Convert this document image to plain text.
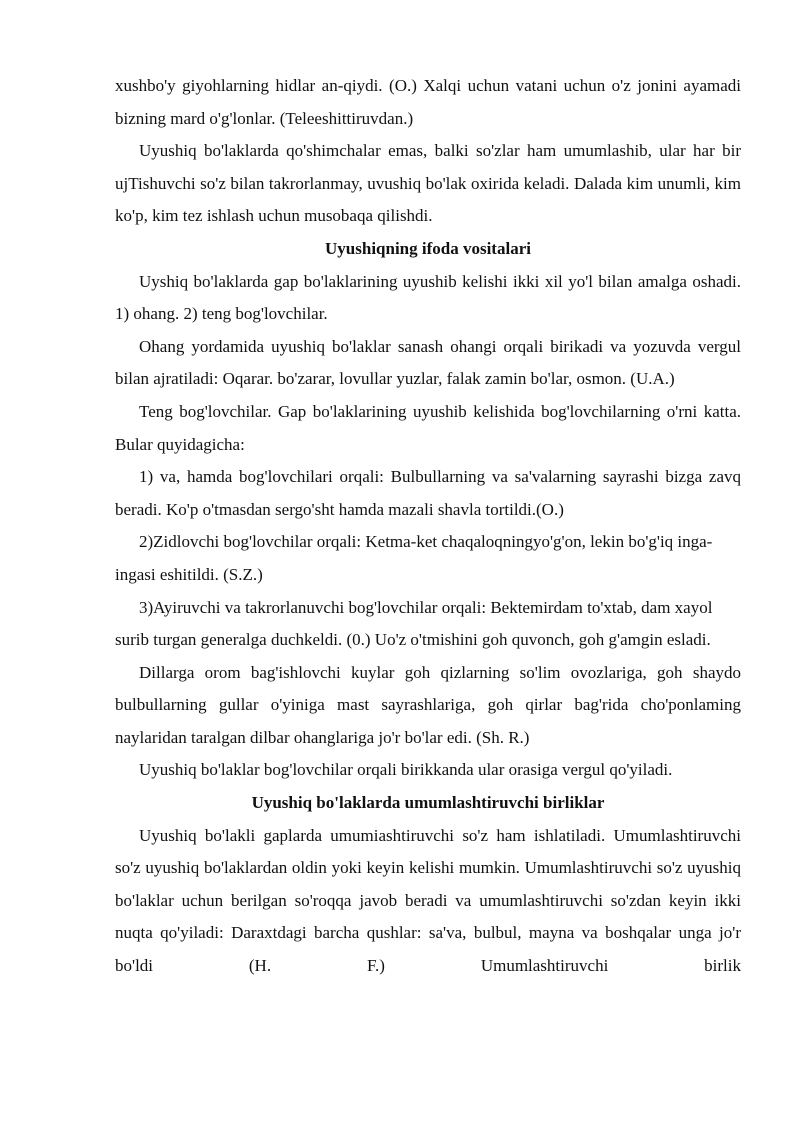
xushbo'y giyohlarning hidlar an-qiydi. (O.) Xalqi uchun vatani uchun o'z jonini ayamadi bizning mard o'g'lonlar. (Teleeshittiruvdan.)

Uyushiq bo'laklarda qo'shimchalar emas, balki so'zlar ham umumlashib, ular har bir ujTishuvchi so'z bilan takrorlanmay, uvushiq bo'lak oxirida keladi. Dalada kim unumli, kim ko'p, kim tez ishlash uchun musobaqa qilishdi.

Uyushiqning ifoda vositalari

Uyshiq bo'laklarda gap bo'laklarining uyushib kelishi ikki xil yo'l bilan amalga oshadi. 1) ohang. 2) teng bog'lovchilar.

Ohang yordamida uyushiq bo'laklar sanash ohangi orqali birikadi va yozuvda vergul bilan ajratiladi: Oqarar. bo'zarar, lovullar yuzlar, falak zamin bo'lar, osmon. (U.A.)

Teng bog'lovchilar. Gap bo'laklarining uyushib kelishida bog'lovchilarning o'rni katta. Bular quyidagicha:

1) va, hamda bog'lovchilari orqali: Bulbullarning va sa'valarning sayrashi bizga zavq beradi. Ko'p o'tmasdan sergo'sht hamda mazali shavla tortildi.(O.)

2)Zidlovchi bog'lovchilar orqali: Ketma-ket chaqaloqningyo'g'on, lekin bo'g'iq inga-ingasi eshitildi. (S.Z.)

3)Ayiruvchi va takrorlanuvchi bog'lovchilar orqali: Bektemirdam to'xtab, dam xayol surib turgan generalga duchkeldi. (0.) Uo'z o'tmishini goh quvonch, goh g'amgin esladi.

Dillarga orom bag'ishlovchi kuylar goh qizlarning so'lim ovozlariga, goh shaydo bulbullarning gullar o'yiniga mast sayrashlariga, goh qirlar bag'rida cho'ponlaming naylaridan taralgan dilbar ohanglariga jo'r bo'lar edi. (Sh. R.)

Uyushiq bo'laklar bog'lovchilar orqali birikkanda ular orasiga vergul qo'yiladi.

Uyushiq bo'laklarda umumlashtiruvchi birliklar

Uyushiq bo'lakli gaplarda umumiashtiruvchi so'z ham ishlatiladi. Umumlashtiruvchi so'z uyushiq bo'laklardan oldin yoki keyin kelishi mumkin. Umumlashtiruvchi so'z uyushiq bo'laklar uchun berilgan so'roqqa javob beradi va umumlashtiruvchi so'zdan keyin ikki nuqta qo'yiladi: Daraxtdagi barcha qushlar: sa'va, bulbul, mayna va boshqalar unga jo'r bo'ldi (H. F.) Umumlashtiruvchi birlik
